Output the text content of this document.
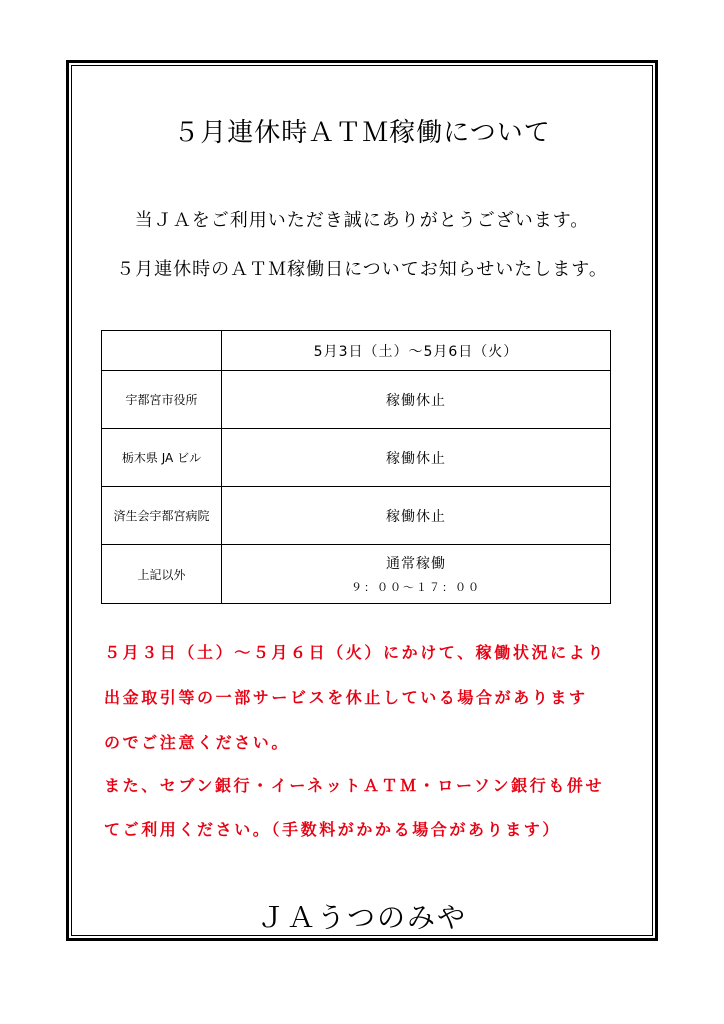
５月連休時ＡＴＭ稼働について
当ＪＡをご利用いただき誠にありがとうございます。
５月連休時のＡＴＭ稼働日についてお知らせいたします。
	5月3日（土）～5月6日（火）
宇都宮市役所	稼働休止
栃木県 JA ビル	稼働休止
済生会宇都宮病院	稼働休止
上記以外	通常稼働
９：００～１７：００
５月３日（土）～５月６日（火）にかけて、稼働状況により
出金取引等の一部サービスを休止している場合があります
のでご注意ください。
また、セブン銀行・イーネットＡＴＭ・ローソン銀行も併せ
てご利用ください。（手数料がかかる場合があります）
ＪＡうつのみや
